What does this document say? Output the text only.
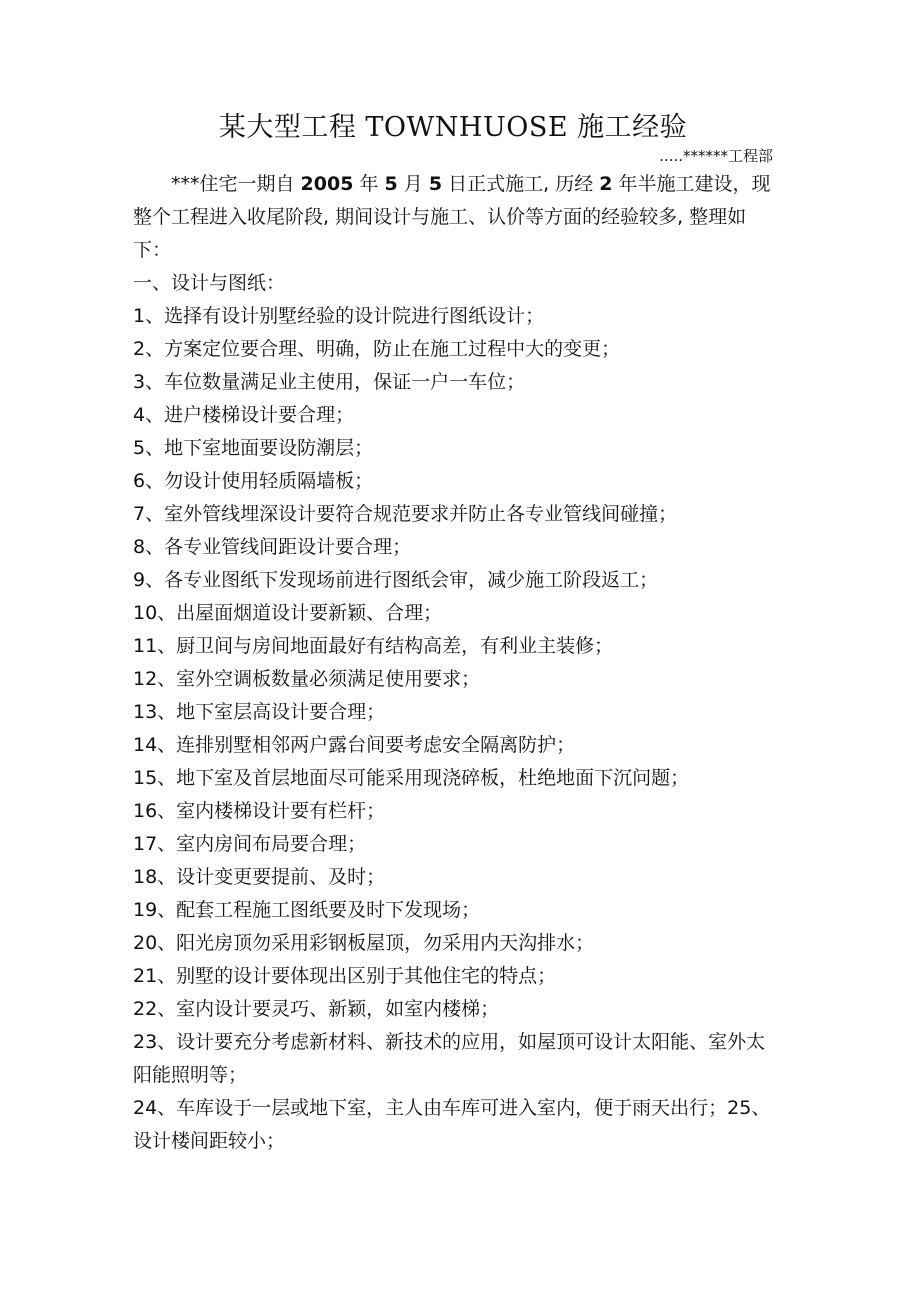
某大型工程 TOWNHUOSE 施工经验
.....******工程部

***住宅一期自 2005 年 5 月 5 日正式施工, 历经 2 年半施工建设，现整个工程进入收尾阶段, 期间设计与施工、认价等方面的经验较多, 整理如下：

一、设计与图纸：
1、选择有设计别墅经验的设计院进行图纸设计；
2、方案定位要合理、明确，防止在施工过程中大的变更；
3、车位数量满足业主使用，保证一户一车位；
4、进户楼梯设计要合理；
5、地下室地面要设防潮层；
6、勿设计使用轻质隔墙板；
7、室外管线埋深设计要符合规范要求并防止各专业管线间碰撞；
8、各专业管线间距设计要合理；
9、各专业图纸下发现场前进行图纸会审，减少施工阶段返工；
10、出屋面烟道设计要新颖、合理；
11、厨卫间与房间地面最好有结构高差，有利业主装修；
12、室外空调板数量必须满足使用要求；
13、地下室层高设计要合理；
14、连排别墅相邻两户露台间要考虑安全隔离防护；
15、地下室及首层地面尽可能采用现浇碎板，杜绝地面下沉问题；
16、室内楼梯设计要有栏杆；
17、室内房间布局要合理；
18、设计变更要提前、及时；
19、配套工程施工图纸要及时下发现场；
20、阳光房顶勿采用彩钢板屋顶，勿采用内天沟排水；
21、别墅的设计要体现出区别于其他住宅的特点；
22、室内设计要灵巧、新颖，如室内楼梯；
23、设计要充分考虑新材料、新技术的应用，如屋顶可设计太阳能、室外太阳能照明等；
24、车库设于一层或地下室，主人由车库可进入室内，便于雨天出行；25、设计楼间距较小；
